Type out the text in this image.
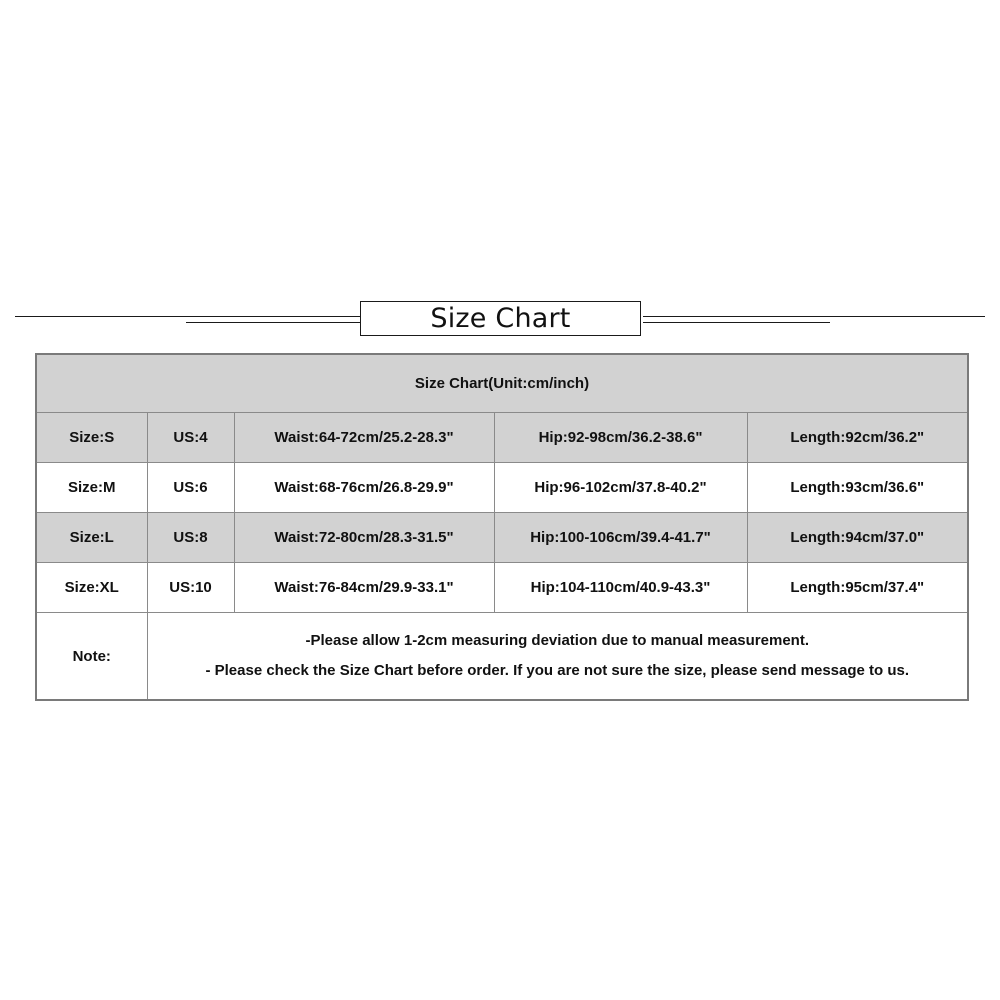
Size Chart
Size Chart(Unit:cm/inch)				
Size:S	US:4	Waist:64-72cm/25.2-28.3"	Hip:92-98cm/36.2-38.6"	Length:92cm/36.2"
Size:M	US:6	Waist:68-76cm/26.8-29.9"	Hip:96-102cm/37.8-40.2"	Length:93cm/36.6"
Size:L	US:8	Waist:72-80cm/28.3-31.5"	Hip:100-106cm/39.4-41.7"	Length:94cm/37.0"
Size:XL	US:10	Waist:76-84cm/29.9-33.1"	Hip:104-110cm/40.9-43.3"	Length:95cm/37.4"
Note:	-Please allow 1-2cm measuring deviation due to manual measurement.
- Please check the Size Chart before order. If you are not sure the size, please send message to us.			
